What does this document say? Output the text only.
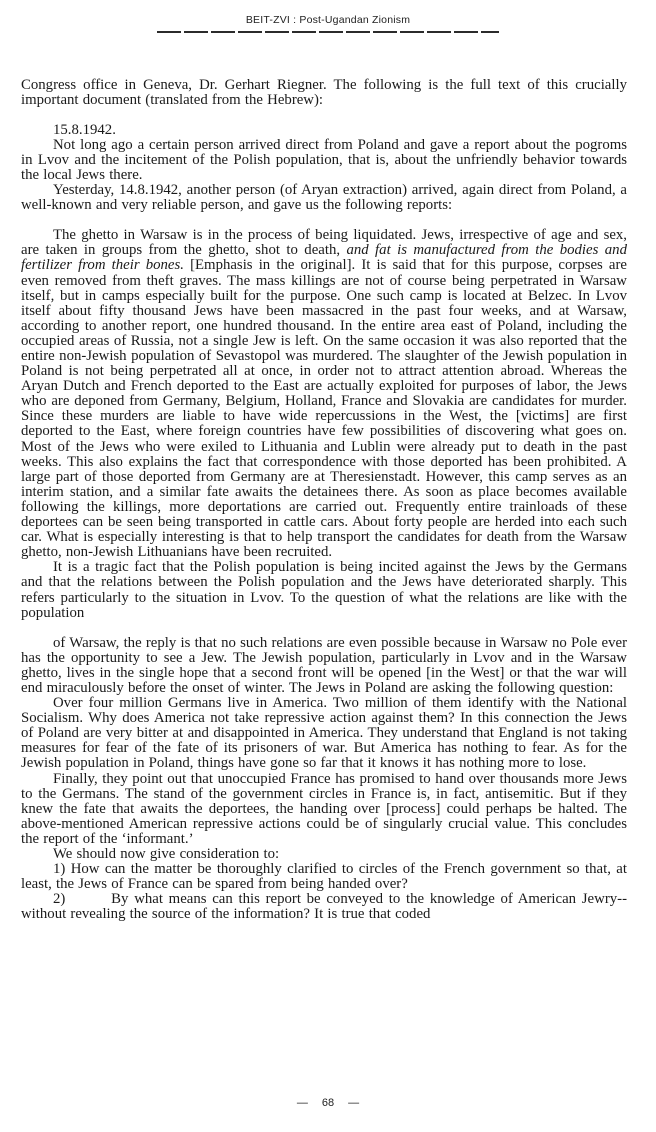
BEIT-ZVI : Post-Ugandan Zionism

Congress office in Geneva, Dr. Gerhart Riegner. The following is the full text of this crucially important document (translated from the Hebrew):

15.8.1942.

Not long ago a certain person arrived direct from Poland and gave a report about the pogroms in Lvov and the incitement of the Polish population, that is, about the unfriendly behavior towards the local Jews there.

Yesterday, 14.8.1942, another person (of Aryan extraction) arrived, again direct from Poland, a well-known and very reliable person, and gave us the following reports:

The ghetto in Warsaw is in the process of being liquidated. Jews, irrespective of age and sex, are taken in groups from the ghetto, shot to death, and fat is manufactured from the bodies and fertilizer from their bones. [Emphasis in the original]. It is said that for this purpose, corpses are even removed from theft graves. The mass killings are not of course being perpetrated in Warsaw itself, but in camps especially built for the purpose. One such camp is located at Belzec. In Lvov itself about fifty thousand Jews have been massacred in the past four weeks, and at Warsaw, according to another report, one hundred thousand. In the entire area east of Poland, including the occupied areas of Russia, not a single Jew is left. On the same occasion it was also reported that the entire non-Jewish population of Sevastopol was murdered. The slaughter of the Jewish population in Poland is not being perpetrated all at once, in order not to attract attention abroad. Whereas the Aryan Dutch and French deported to the East are actually exploited for purposes of labor, the Jews who are deponed from Germany, Belgium, Holland, France and Slovakia are candidates for murder. Since these murders are liable to have wide repercussions in the West, the [victims] are first deported to the East, where foreign countries have few possibilities of discovering what goes on. Most of the Jews who were exiled to Lithuania and Lublin were already put to death in the past weeks. This also explains the fact that correspondence with those deported has been prohibited. A large part of those deported from Germany are at Theresienstadt. However, this camp serves as an interim station, and a similar fate awaits the detainees there. As soon as place becomes available following the killings, more deportations are carried out. Frequently entire trainloads of these deportees can be seen being transported in cattle cars. About forty people are herded into each such car. What is especially interesting is that to help transport the candidates for death from the Warsaw ghetto, non-Jewish Lithuanians have been recruited.

It is a tragic fact that the Polish population is being incited against the Jews by the Germans and that the relations between the Polish population and the Jews have deteriorated sharply. This refers particularly to the situation in Lvov. To the question of what the relations are like with the population

of Warsaw, the reply is that no such relations are even possible because in Warsaw no Pole ever has the opportunity to see a Jew. The Jewish population, particularly in Lvov and in the Warsaw ghetto, lives in the single hope that a second front will be opened [in the West] or that the war will end miraculously before the onset of winter. The Jews in Poland are asking the following question:

Over four million Germans live in America. Two million of them identify with the National Socialism. Why does America not take repressive action against them? In this connection the Jews of Poland are very bitter at and disappointed in America. They understand that England is not taking measures for fear of the fate of its prisoners of war. But America has nothing to fear. As for the Jewish population in Poland, things have gone so far that it knows it has nothing more to lose.

Finally, they point out that unoccupied France has promised to hand over thousands more Jews to the Germans. The stand of the government circles in France is, in fact, antisemitic. But if they knew the fate that awaits the deportees, the handing over [process] could perhaps be halted. The above-mentioned American repressive actions could be of singularly crucial value. This concludes the report of the ‘informant.’

We should now give consideration to:

1) How can the matter be thoroughly clarified to circles of the French government so that, at least, the Jews of France can be spared from being handed over?

2)        By what means can this report be conveyed to the knowledge of American Jewry--without revealing the source of the information? It is true that coded

— 68 —
